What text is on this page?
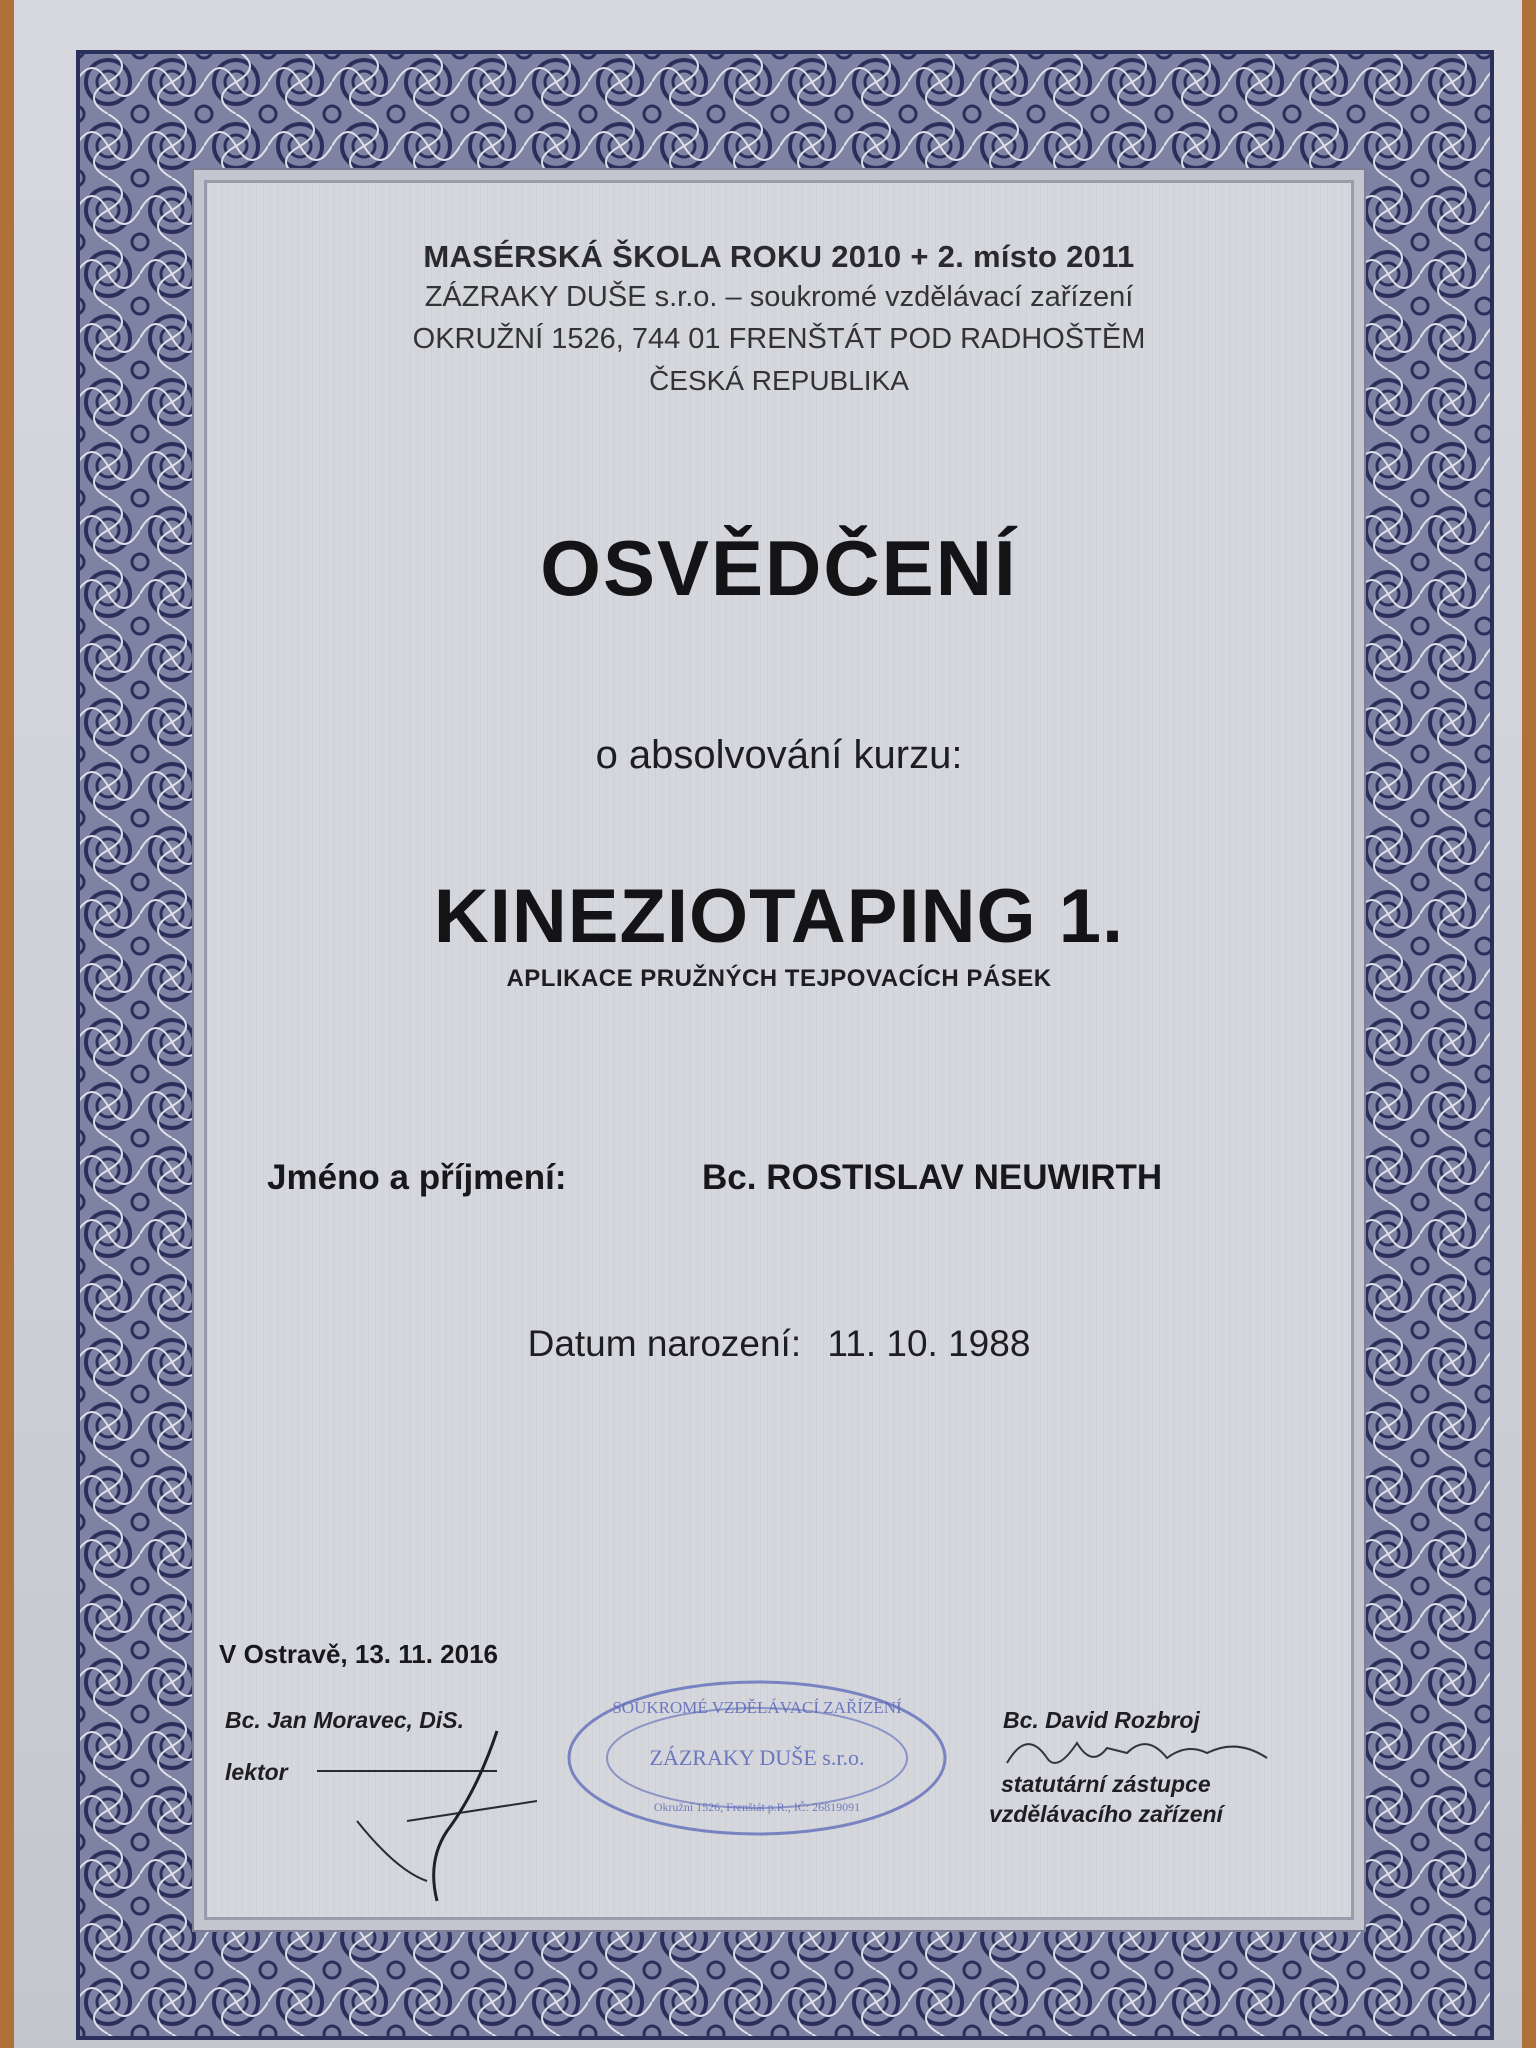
MASÉRSKÁ ŠKOLA ROKU 2010 + 2. místo 2011
ZÁZRAKY DUŠE s.r.o. – soukromé vzdělávací zařízení
OKRUŽNÍ 1526, 744 01 FRENŠTÁT POD RADHOŠTĚM
ČESKÁ REPUBLIKA
OSVĚDČENÍ
o absolvování kurzu:
KINEZIOTAPING 1.
APLIKACE PRUŽNÝCH TEJPOVACÍCH PÁSEK
Jméno a příjmení:	Bc. ROSTISLAV NEUWIRTH
Datum narození: 11. 10. 1988
V Ostravě, 13. 11. 2016
Bc. Jan Moravec, DiS.
lektor
SOUKROMÉ VZDĚLÁVACÍ ZAŘÍZENÍ
ZÁZRAKY DUŠE s.r.o.
Okružní 1526, Frenštát p.R., IČ: 26819091
Bc. David Rozbroj
statutární zástupce
vzdělávacího zařízení
